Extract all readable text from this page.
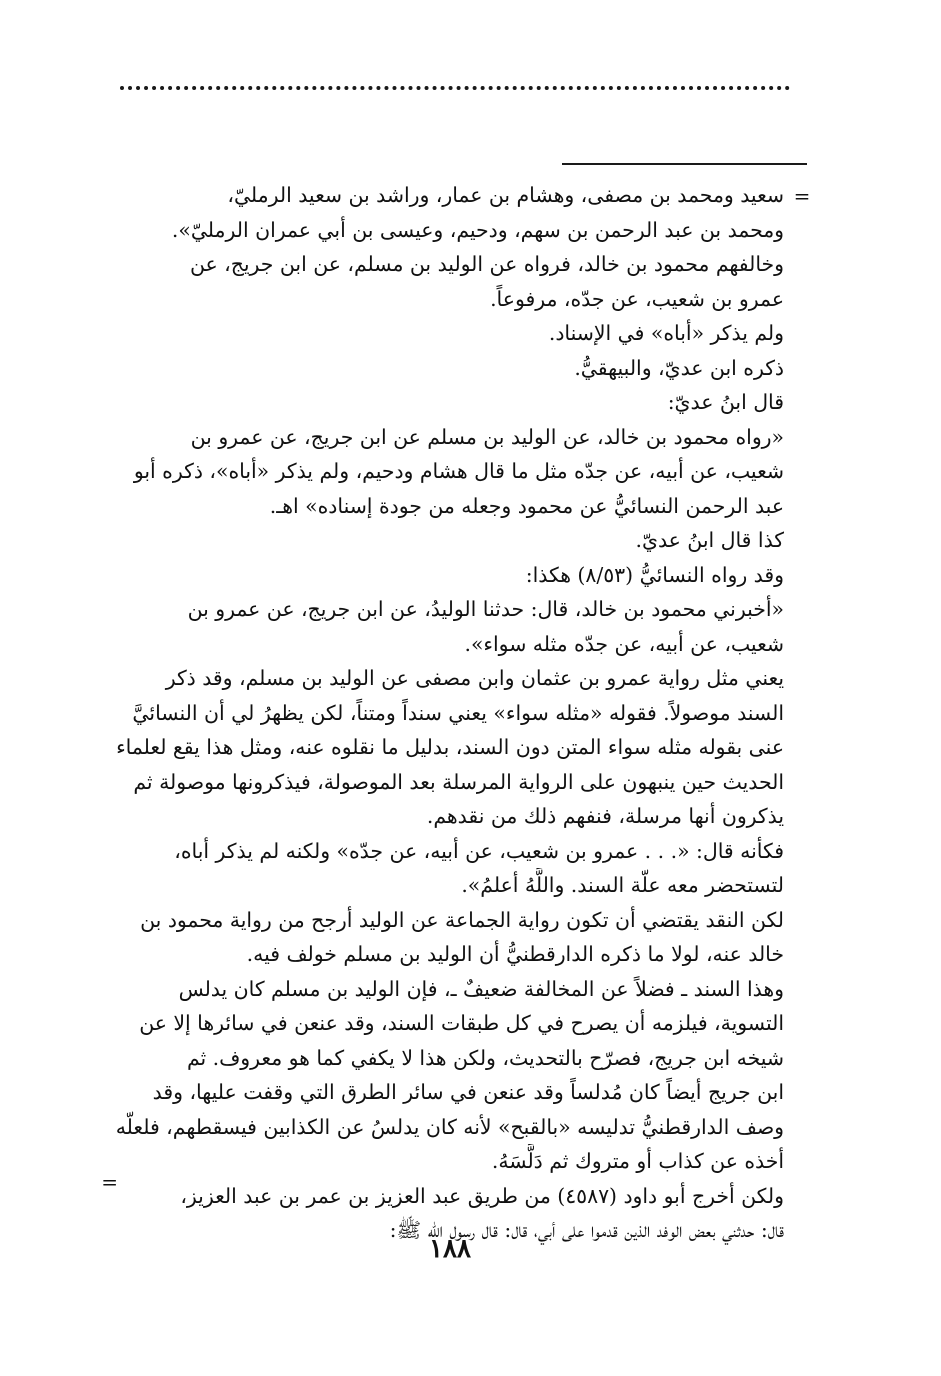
=
سعيد ومحمد بن مصفى، وهشام بن عمار، وراشد بن سعيد الرمليّ،
ومحمد بن عبد الرحمن بن سهم، ودحيم، وعيسى بن أبي عمران الرمليّ».
وخالفهم محمود بن خالد، فرواه عن الوليد بن مسلم، عن ابن جريج، عن
عمرو بن شعيب، عن جدّه، مرفوعاً.
ولم يذكر «أباه» في الإسناد.
ذكره ابن عديّ، والبيهقيُّ.
قال ابنُ عديّ:
«رواه محمود بن خالد، عن الوليد بن مسلم عن ابن جريج، عن عمرو بن
شعيب، عن أبيه، عن جدّه مثل ما قال هشام ودحيم، ولم يذكر «أباه»، ذكره أبو
عبد الرحمن النسائيُّ عن محمود وجعله من جودة إسناده» اهـ.
كذا قال ابنُ عديّ.
وقد رواه النسائيُّ (٨/٥٣) هكذا:
«أخبرني محمود بن خالد، قال: حدثنا الوليدُ، عن ابن جريج، عن عمرو بن
شعيب، عن أبيه، عن جدّه مثله سواء».
يعني مثل رواية عمرو بن عثمان وابن مصفى عن الوليد بن مسلم، وقد ذكر
السند موصولاً. فقوله «مثله سواء» يعني سنداً ومتناً، لكن يظهرُ لي أن النسائيَّ
عنى بقوله مثله سواء المتن دون السند، بدليل ما نقلوه عنه، ومثل هذا يقع لعلماء
الحديث حين ينبهون على الرواية المرسلة بعد الموصولة، فيذكرونها موصولة ثم
يذكرون أنها مرسلة، فنفهم ذلك من نقدهم.
فكأنه قال: «. . . عمرو بن شعيب، عن أبيه، عن جدّه» ولكنه لم يذكر أباه،
لتستحضر معه علّة السند. واللَّهُ أعلمُ».
لكن النقد يقتضي أن تكون رواية الجماعة عن الوليد أرجح من رواية محمود بن
خالد عنه، لولا ما ذكره الدارقطنيُّ أن الوليد بن مسلم خولف فيه.
وهذا السند ـ فضلاً عن المخالفة ضعيفٌ ـ، فإن الوليد بن مسلم كان يدلس
التسوية، فيلزمه أن يصرح في كل طبقات السند، وقد عنعن في سائرها إلا عن
شيخه ابن جريج، فصرّح بالتحديث، ولكن هذا لا يكفي كما هو معروف. ثم
ابن جريج أيضاً كان مُدلساً وقد عنعن في سائر الطرق التي وقفت عليها، وقد
وصف الدارقطنيُّ تدليسه «بالقبح» لأنه كان يدلسُ عن الكذابين فيسقطهم، فلعلّه
أخذه عن كذاب أو متروك ثم دَلَّسَهُ.
ولكن أخرج أبو داود (٤٥٨٧) من طريق عبد العزيز بن عمر بن عبد العزيز،
قال: حدثني بعض الوفد الذين قدموا على أبي، قال: قال رسول الله ﷺ:
=
١٨٨
